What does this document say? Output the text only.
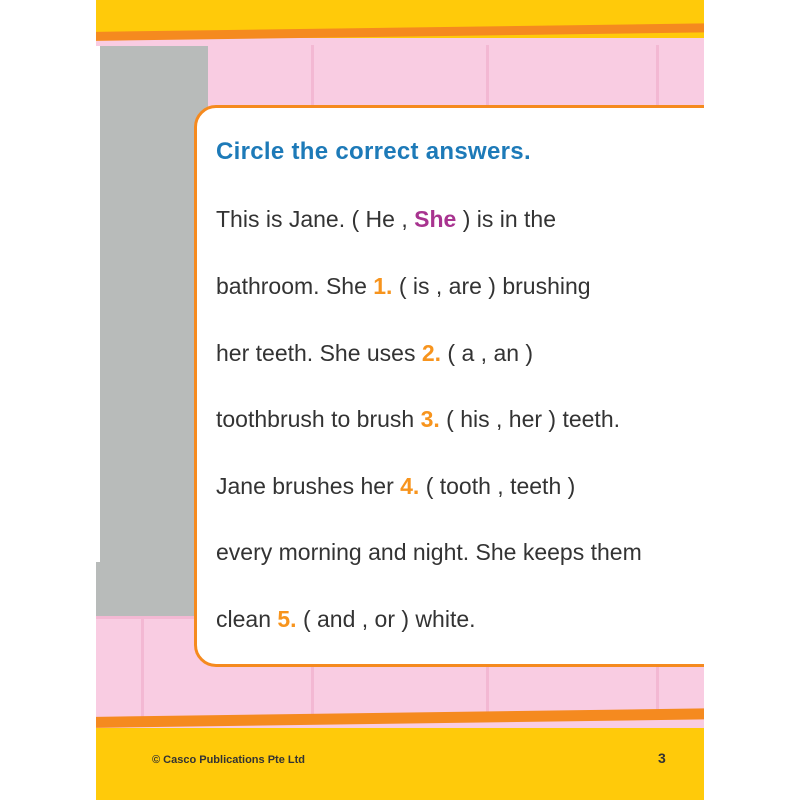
Circle the correct answers.
This is Jane. ( He , She ) is in the
bathroom. She 1. ( is , are ) brushing
her teeth. She uses 2. ( a , an )
toothbrush to brush 3. ( his , her ) teeth.
Jane brushes her 4. ( tooth , teeth )
every morning and night. She keeps them
clean 5. ( and , or ) white.
© Casco Publications Pte Ltd	3
